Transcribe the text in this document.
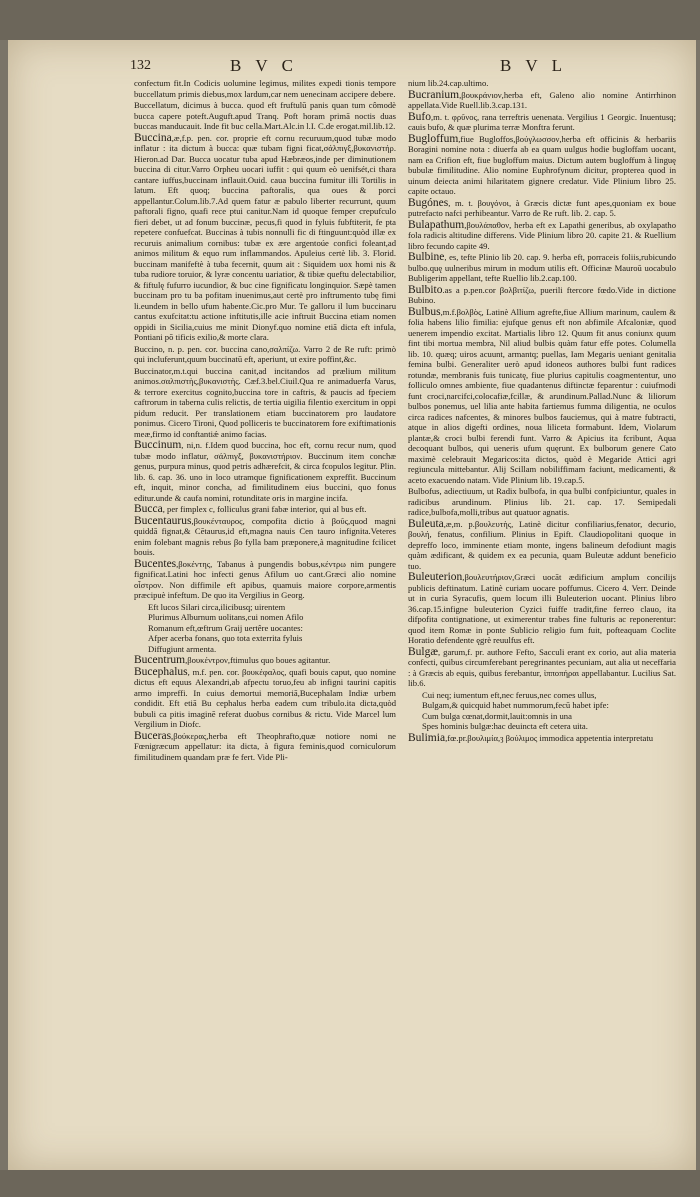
132	BVC	BVL
confectum fit.In Codicis uolumine legimus, milites expedi tionis tempore buccellatum primis diebus,mox lardum,car nem uenecinam accipere debere.
Buccellatum, dicimus à bucca. quod eft fruftulū panis quan tum cômodè bucca capere poteft.Auguft.apud Tranq. Poft horam primā noctis duas buccas manducauit. Inde fit buc cella.Mart.Alc.in l.I. C.de erogat.mil.lib.12.
Buccina,æ,f.p. pen. cor. proprie eft cornu recuruum,quod tubæ modo inflatur : ita dictum à bucca: quæ tubam figni ficat,σάλπιγξ,βυκανιστήρ. Hieron.ad Dar. Bucca uocatur tuba apud Hæbræos,inde per diminutionem buccina di citur.Varro Orpheu uocari iuffit : qui quum eò uenifsét,ci thara cantare iuffus,buccinam inflauit.Ouid. caua buccina fumitur illi Tortilis in latum. Eft quoq; buccina paftoralis, qua oues & porci appellantur.Colum.lib.7.Ad quem fatur æ pabulo liberter recurrunt, quum paftorali figno, quafi rece ptui canitur.Nam id quoque femper crepufculo fieri debet, ut ad fonum buccinæ, pecus,fi quod in fyluis fubftiterit, fe pta repetere confuefcat. Buccinas à tubis nonnulli fic di ftinguunt:quòd illæ ex recuruis animalium cornibus: tubæ ex ære argentoúe confici foleant,ad animos militum & equo rum inflammandos. Apuleius certè lib. 3. Florid. buccinam manifeftè à tuba fecernit, quum ait : Siquidem uox homi nis & tuba rudiore toruior, & lyræ concentu uariatior, & tibiæ queftu delectabilior, & fiftulę fufurro iucundior, & buc cine fignificatu longinquior. Sæpè tamen buccinam pro tu ba pofitam inuenimus,aut certè pro inftrumento tubę fimi li.eundem in bello ufum habente.Cic.pro Mur. Te galloru il lum buccinaru cantus exufcitat:tu actione inftitutis,ille acie inftruit Buccina etiam nomen oppidi in Sicilia,cuius me minit Dionyf.quo nomine etiā dicta eft infula, Pontiani pō tificis exilio,& morte clara.
Buccino, n. p. pen. cor. buccina cano,σαλπίζω. Varro 2 de Re ruft: primò qui incluferunt,quum buccinatū eft, aperiunt, ut exire poffint,&c.
Buccinator,m.t.qui buccina canit,ad incitandos ad prælium militum animos.σαλπιστὴς,βυκανιστὴς. Cæf.3.bel.Ciuil.Qua re animaduerfa Varus, & terrore exercitus cognito,buccina tore in caftris, & paucis ad fpeciem caftrorum in taberna culis relictis, de tertia uigilia filentio exercitum in oppi pidum reducit. Per translationem etiam buccinatorem pro laudatore ponimus. Cicero Tironi, Quod polliceris te buccinatorem fore exiftimationis meæ,firmo id conftantiǽ animo facias.
Buccinum, ni,n. f.Idem quod buccina, hoc eft, cornu recur num, quod tubæ modo inflatur, σάλπιγξ, βυκανιστήριον. Buccinum item conchæ genus, purpura minus, quod petris adhærefcit, & circa fcopulos legitur. Plin. lib. 6. cap. 36. uno in loco utramque fignificationem expreffit. Buccinum eft, inquit, minor concha, ad fimilitudinem eius buccini, quo fonus editur.unde & caufa nomini, rotunditate oris in margine incifa.
Bucca, per fimplex c, folliculus grani fabæ interior, qui al bus eft.
Bucentaurus,βουκένταυρος, compofita dictio à βοῦς,quod magni quiddā fignat,& Cētaurus,id eft,magna nauis Cen tauro infignita.Veteres enim folebant magnis rebus βο fylla bam præponere,à magnitudine fcilicet bouis.
Bucentes,βοκέντης, Tabanus à pungendis bobus,κέντρω nim pungere fignificat.Latini hoc infecti genus Afilum uo cant.Græci alio nomine οἶστρον. Non diffimile eft apibus, quamuis maiore corpore,armentis præcipuè infeftum. De quo ita Vergilius in Georg.

Eft lucos Silari circa,ilicibusq; uirentem

Plurimus Alburnum uolitans,cui nomen Afilo

Romanum eft,œftrum Graij uertêre uocantes:

Afper acerba fonans, quo tota exterrita fyluis

Diffugiunt armenta.

Bucentrum,βουκέντρον,ftimulus quo boues agitantur.
Bucephalus, m.f. pen. cor. βουκέφαλος, quafi bouis caput, quo nomine dictus eft equus Alexandri,ab afpectu toruo,feu ab infigni taurini capitis armo impreffi. In cuius demortui memoriā,Bucephalam Indiæ urbem condidit. Eft etiā Bu cephalus herba eadem cum tribulo.ita dicta,quòd bubuli ca pitis imaginē referat duobus cornibus & rictu. Vide Marcel lum Vergilium in Diofc.
Buceras,βούκερας,herba eft Theophrafto,quæ notiore nomi ne Fœnigræcum appellatur: ita dicta, à figura feminis,quod corniculorum fimilitudinem quandam præ fe fert. Vide Pli-
nium lib.24.cap.ultimo.
Bucranium,βουκράνιον,herba eft, Galeno alio nomine Antirrhinon appellata.Vide Ruell.lib.3.cap.131.
Bufo,m. t. φρῦνος, rana terreftris uenenata. Vergilius 1 Georgic. Inuentusq; cauis bufo, & quæ plurima terræ Monftra ferunt.
Bugloffum,fiue Bugloffos,βούγλωσσον,herba eft officinis & herbariis Boragini nomine nota : diuerfa ab ea quam uulgus hodie bugloffam uocant, nam ea Crifion eft, fiue bugloffum maius. Dictum autem bugloffum à linguę bubulæ fimilitudine. Alio nomine Euphrofynum dicitur, propterea quod in uinum deiecta animi hilaritatem gignere credatur. Vide Plinium libro 25. capite octauo.
Bugónes, m. t. βουγόνοι, à Græcis dictæ funt apes,quoniam ex boue putrefacto nafci perhibeantur. Varro de Re ruft. lib. 2. cap. 5.
Bulapathum,βουλάπαθον, herba eft ex Lapathi generibus, ab oxylapatho fola radicis altitudine differens. Vide Plinium libro 20. capite 21. & Ruellium libro fecundo capite 49.
Bulbine, es, tefte Plinio lib 20. cap. 9. herba eft, porraceis foliis,rubicundo bulbo.quę uulneribus mirum in modum utilis eft. Officinæ Mauroū uocabulo Bubligerim appellant, tefte Ruellio lib.2.cap.100.
Bulbito.as a p.pen.cor βολβιτίζω, puerili ftercore fœdo.Vide in dictione Bubino.
Bulbus,m.f.βολβὸς, Latinè Allium agrefte,fiue Allium marinum, caulem & folia habens lilio fimilia: ejufque genus eft non abfimile Afcaloniæ, quod uenerem impendio excitat. Martialis libro 12. Quum fit anus coniunx quum fint tibi mortua membra, Nil aliud bulbis quàm fatur effe potes. Columella lib. 10. quæq; uiros acuunt, armantq; puellas, Iam Megaris ueniant genitalia femina bulbi. Generaliter uerò apud idoneos authores bulbi funt radices rotundæ, membranis fuis tunicatę, fiue plurius capitulis coagmententur, uno folliculo omnes ambiente, fiue quadantenus diftinctæ feparentur : cuiufmodi funt croci,narcifci,colocafiæ,fcillæ, & arundinum.Pallad.Nunc & liliorum bulbos ponemus, uel lilia ante habita fartiemus fumma diligentia, ne oculos circa radices nafcentes, & minores bulbos fauciemus, qui à matre fubtracti, atque in alios digefti ordines, noua liliceta formabunt. Idem, Violarum plantæ,& croci bulbi ferendi funt. Varro & Apicius ita fcribunt, Aqua decoquant bulbos, qui ueneris ufum quęrunt. Ex bulborum genere Cato maximè celebrauit Megaricos:ita dictos, quòd è Megaride Attici agri regiuncula mittebantur. Alij Scillam nobiliffimam faciunt, medicamenti, & aceto exacuendo natam. Vide Plinium lib. 19.cap.5.
Bulbofus, adiectiuum, ut Radix bulbofa, in qua bulbi confpiciuntur, quales in radicibus arundinum. Plinius lib. 21. cap. 17. Semipedali radice,bulbofa,molli,tribus aut quatuor agnatis.
Buleuta,æ,m. p.βουλευτὴς, Latinè dicitur confiliarius,fenator, decurio, βουλή, fenatus, confilium. Plinius in Epift. Claudiopolitani quoque in depreffo loco, imminente etiam monte, ingens balineum defodiunt magis quàm ædificant, & quidem ex ea pecunia, quam Buleutæ addunt beneficio tuo.
Buleuterion,βουλευτήριον,Græci uocāt ædificium amplum concilijs publicis deftinatum. Latinè curiam uocare poffumus. Cicero 4. Verr. Deinde ut in curia Syracufis, quem locum illi Buleuterion uocant. Plinius libro 36.cap.15.infigne buleuterion Cyzici fuiffe tradit,fine ferreo clauo, ita difpofita contignatione, ut eximerentur trabes fine fulturis ac reponerentur: quod item Romæ in ponte Sublicio religio fum fuit, pofteaquam Coclite Horatio defendente ęgrè reuulfus eft.
Bulgæ, garum,f. pr. authore Fefto, Sacculi erant ex corio, aut alia materia confecti, quibus circumferebant peregrinantes pecuniam, aut alia ut neceffaria : à Græcis ab equis, quibus ferebantur, ἱπποπήραι appellabantur. Lucilius Sat. lib.6.

Cui neq; iumentum eft,nec feruus,nec comes ullus,

Bulgam,& quicquid habet nummorum,fecū habet ipfe:

Cum bulga cœnat,dormit,lauit:omnis in una

Spes hominis bulgæ:hac deuincta eft cetera uita.

Bulimia,fœ.pr.βουλιμία,ȝ βούλιμος immodica appetentia interpretatu
